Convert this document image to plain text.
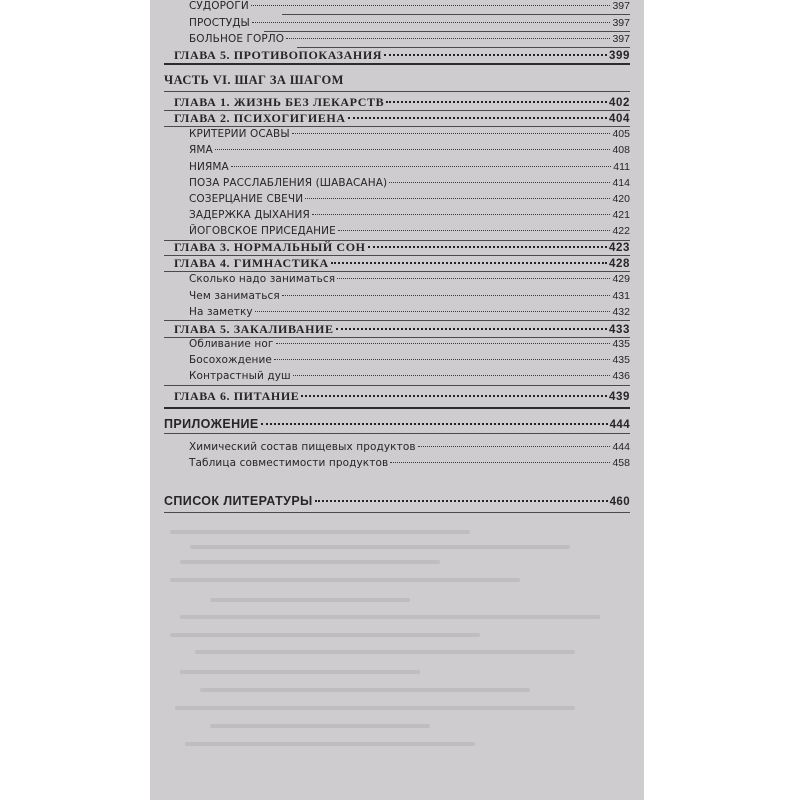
СУДОРОГИ	397
ПРОСТУДЫ	397
БОЛЬНОЕ ГОРЛО	397
ГЛАВА 5. ПРОТИВОПОКАЗАНИЯ	399
ЧАСТЬ VI. ШАГ ЗА ШАГОМ
ГЛАВА 1. ЖИЗНЬ БЕЗ ЛЕКАРСТВ	402
ГЛАВА 2. ПСИХОГИГИЕНА	404
КРИТЕРИИ ОСАВЫ	405
ЯМА	408
НИЯМА	411
ПОЗА РАССЛАБЛЕНИЯ (ШАВАСАНА)	414
СОЗЕРЦАНИЕ СВЕЧИ	420
ЗАДЕРЖКА ДЫХАНИЯ	421
ЙОГОВСКОЕ ПРИСЕДАНИЕ	422
ГЛАВА 3. НОРМАЛЬНЫЙ СОН	423
ГЛАВА 4. ГИМНАСТИКА	428
Сколько надо заниматься	429
Чем заниматься	431
На заметку	432
ГЛАВА 5. ЗАКАЛИВАНИЕ	433
Обливание ног	435
Босохождение	435
Контрастный душ	436
ГЛАВА 6. ПИТАНИЕ	439
ПРИЛОЖЕНИЕ	444
Химический состав пищевых продуктов	444
Таблица совместимости продуктов	458
СПИСОК ЛИТЕРАТУРЫ	460
